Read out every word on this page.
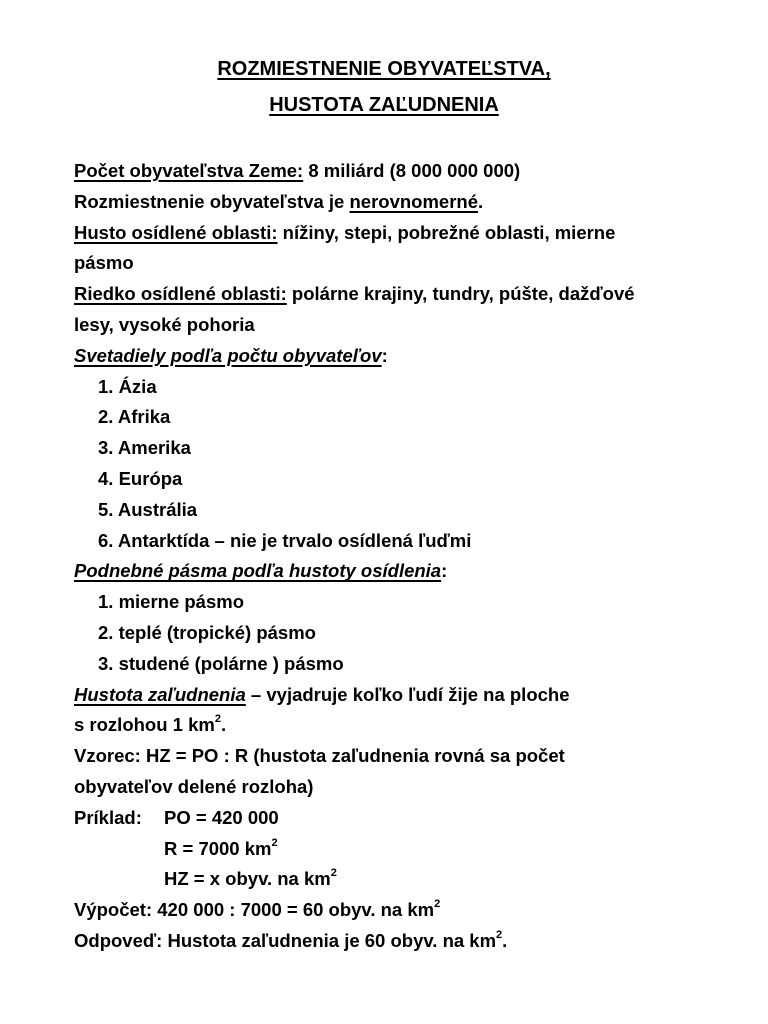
ROZMIESTNENIE OBYVATEĽSTVA,
HUSTOTA ZAĽUDNENIA
Počet obyvateľstva Zeme: 8 miliárd (8 000 000 000)
Rozmiestnenie obyvateľstva je nerovnomerné.
Husto osídlené oblasti: nížiny, stepi, pobrežné oblasti, mierne
pásmo
Riedko osídlené oblasti: polárne krajiny, tundry, púšte, dažďové
lesy, vysoké pohoria
Svetadiely podľa počtu obyvateľov:
1. Ázia
2. Afrika
3. Amerika
4. Európa
5. Austrália
6. Antarktída – nie je trvalo osídlená ľuďmi
Podnebné pásma podľa hustoty osídlenia:
1. mierne pásmo
2. teplé (tropické) pásmo
3. studené (polárne ) pásmo
Hustota zaľudnenia – vyjadruje koľko ľudí žije na ploche
s rozlohou 1 $km^2$.
Vzorec: HZ = PO : R (hustota zaľudnenia rovná sa počet
obyvateľov delené rozloha)
Príklad: PO = 420 000
R = 7000 $km^2$
HZ = x obyv. na $km^2$
Výpočet: 420 000 : 7000 = 60 obyv. na $km^2$
Odpoveď: Hustota zaľudnenia je 60 obyv. na $km^2$.
